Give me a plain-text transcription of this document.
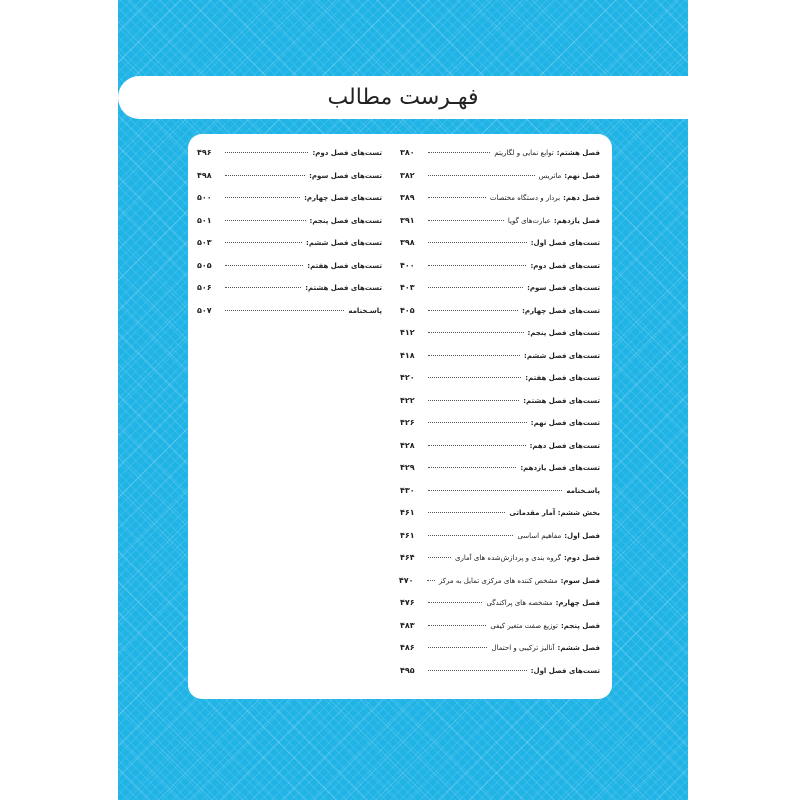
فهـرست مطالب
فصل هشتم:
توابع نمایی و لگاریتم
۳۸۰
فصل نهم:
ماتریس
۳۸۲
فصل دهم:
بردار و دستگاه مختصات
۳۸۹
فصل یازدهم:
عبارت‌های گویا
۳۹۱
تست‌های فصل اول:
۳۹۸
تست‌های فصل دوم:
۴۰۰
تست‌های فصل سوم:
۴۰۳
تست‌های فصل چهارم:
۴۰۵
تست‌های فصل پنجم:
۴۱۲
تست‌های فصل ششم:
۴۱۸
تست‌های فصل هفتم:
۴۲۰
تست‌های فصل هشتم:
۴۲۲
تست‌های فصل نهم:
۴۲۶
تست‌های فصل دهم:
۴۲۸
تست‌های فصل یازدهم:
۴۲۹
پاسـخنامه
۴۳۰
بخش ششم: آمار مقدماتی
۴۶۱
فصل اول:
مفاهیم اساسی
۴۶۱
فصل دوم:
گروه بندی و پردازش‌شده‌ های آماری
۴۶۴
فصل سوم:
مشخص کننده های مرکزی تمایل به مرکز
۴۷۰
فصل چهارم:
مشخصه های پراکندگی
۴۷۶
فصل پنجم:
توزیع صفت متغیر کیفی
۴۸۳
فصل ششم:
آنالیز ترکیبی و احتمال
۴۸۶
تست‌های فصل اول:
۴۹۵
تست‌های فصل دوم:
۴۹۶
تست‌های فصل سوم:
۴۹۸
تست‌های فصل چهارم:
۵۰۰
تست‌های فصل پنجم:
۵۰۱
تست‌های فصل ششم:
۵۰۳
تست‌های فصل هفتم:
۵۰۵
تست‌های فصل هشتم:
۵۰۶
پاسـخنامه
۵۰۷
